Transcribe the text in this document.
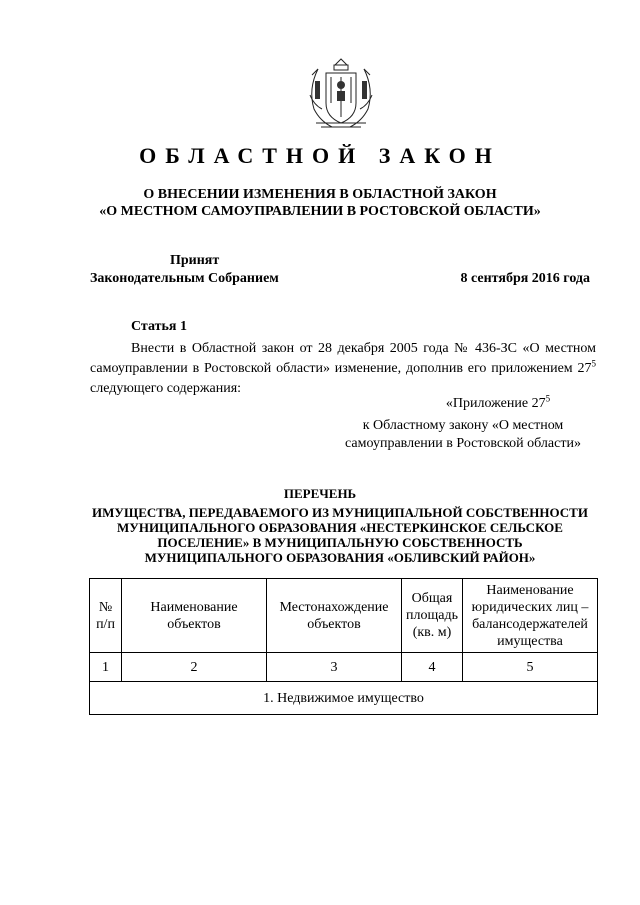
ОБЛАСТНОЙ ЗАКОН
О ВНЕСЕНИИ ИЗМЕНЕНИЯ В ОБЛАСТНОЙ ЗАКОН
«О МЕСТНОМ САМОУПРАВЛЕНИИ В РОСТОВСКОЙ ОБЛАСТИ»
Принят
Законодательным Собранием	8 сентября 2016 года
Статья 1

Внести в Областной закон от 28 декабря 2005 года № 436-ЗС «О местном самоуправлении в Ростовской области» изменение, дополнив его приложением $27^5$ следующего содержания:

«Приложение $27^5$
к Областному закону «О местном
самоуправлении в Ростовской области»
ПЕРЕЧЕНЬ
ИМУЩЕСТВА, ПЕРЕДАВАЕМОГО ИЗ МУНИЦИПАЛЬНОЙ СОБСТВЕННОСТИ
МУНИЦИПАЛЬНОГО ОБРАЗОВАНИЯ «НЕСТЕРКИНСКОЕ СЕЛЬСКОЕ
ПОСЕЛЕНИЕ» В МУНИЦИПАЛЬНУЮ СОБСТВЕННОСТЬ
МУНИЦИПАЛЬНОГО ОБРАЗОВАНИЯ «ОБЛИВСКИЙ РАЙОН»
№ п/п	Наименование объектов	Местонахождение объектов	Общая площадь (кв. м)	Наименование юридических лиц – балансодержателей имущества
1	2	3	4	5
1. Недвижимое имущество				
